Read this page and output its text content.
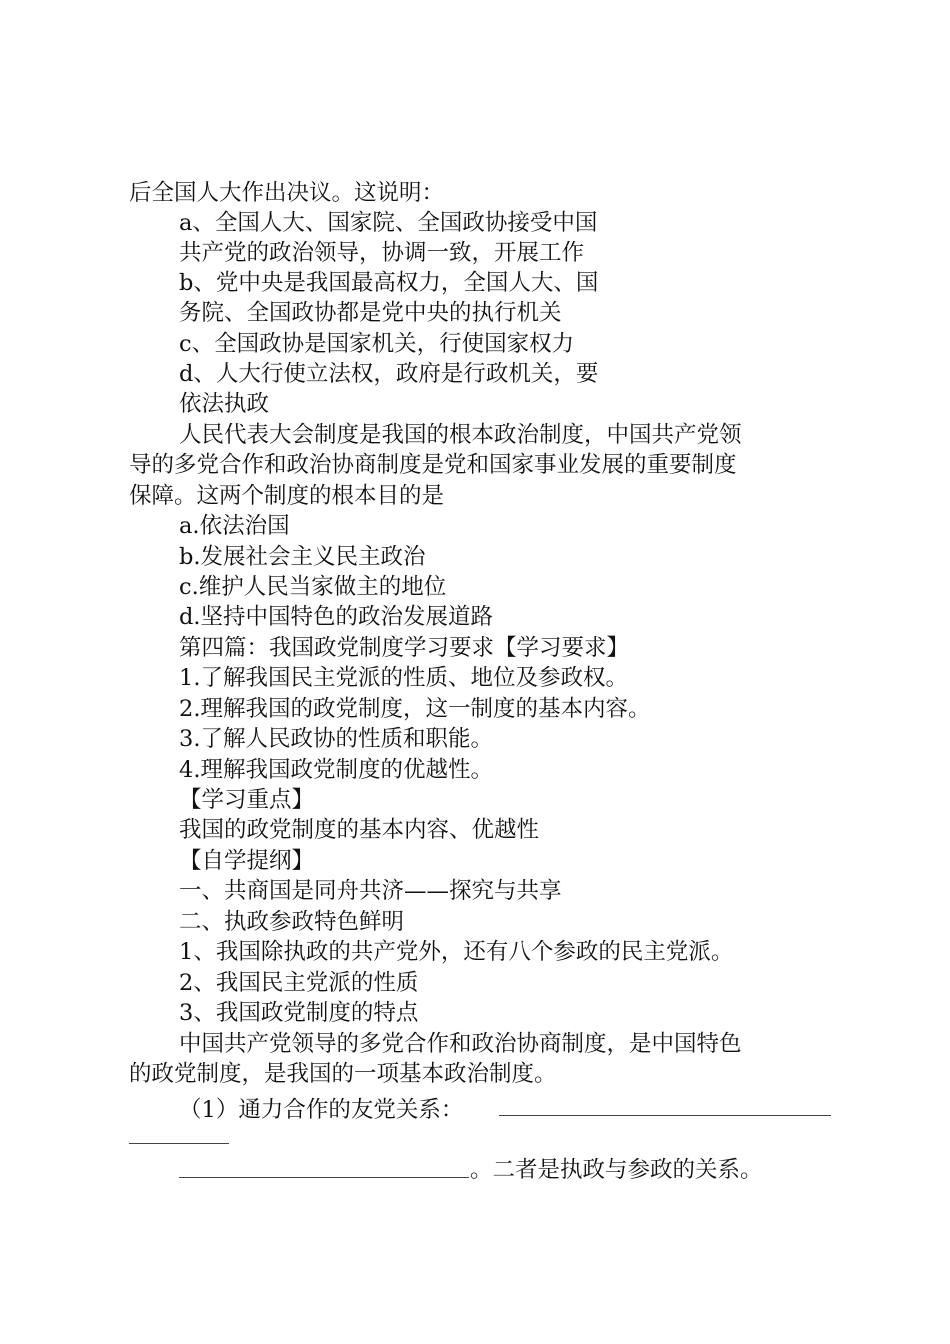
后全国人大作出决议。这说明：
a、全国人大、国家院、全国政协接受中国
共产党的政治领导，协调一致，开展工作
b、党中央是我国最高权力，全国人大、国
务院、全国政协都是党中央的执行机关
c、全国政协是国家机关，行使国家权力
d、人大行使立法权，政府是行政机关，要
依法执政
人民代表大会制度是我国的根本政治制度，中国共产党领
导的多党合作和政治协商制度是党和国家事业发展的重要制度
保障。这两个制度的根本目的是
a.依法治国
b.发展社会主义民主政治
c.维护人民当家做主的地位
d.坚持中国特色的政治发展道路
第四篇：我国政党制度学习要求【学习要求】
1.了解我国民主党派的性质、地位及参政权。
2.理解我国的政党制度，这一制度的基本内容。
3.了解人民政协的性质和职能。
4.理解我国政党制度的优越性。
【学习重点】
我国的政党制度的基本内容、优越性
【自学提纲】
一、共商国是同舟共济——探究与共享
二、执政参政特色鲜明
1、我国除执政的共产党外，还有八个参政的民主党派。
2、我国民主党派的性质
3、我国政党制度的特点
中国共产党领导的多党合作和政治协商制度，是中国特色
的政党制度，是我国的一项基本政治制度。
（1）通力合作的友党关系：
。二者是执政与参政的关系。
